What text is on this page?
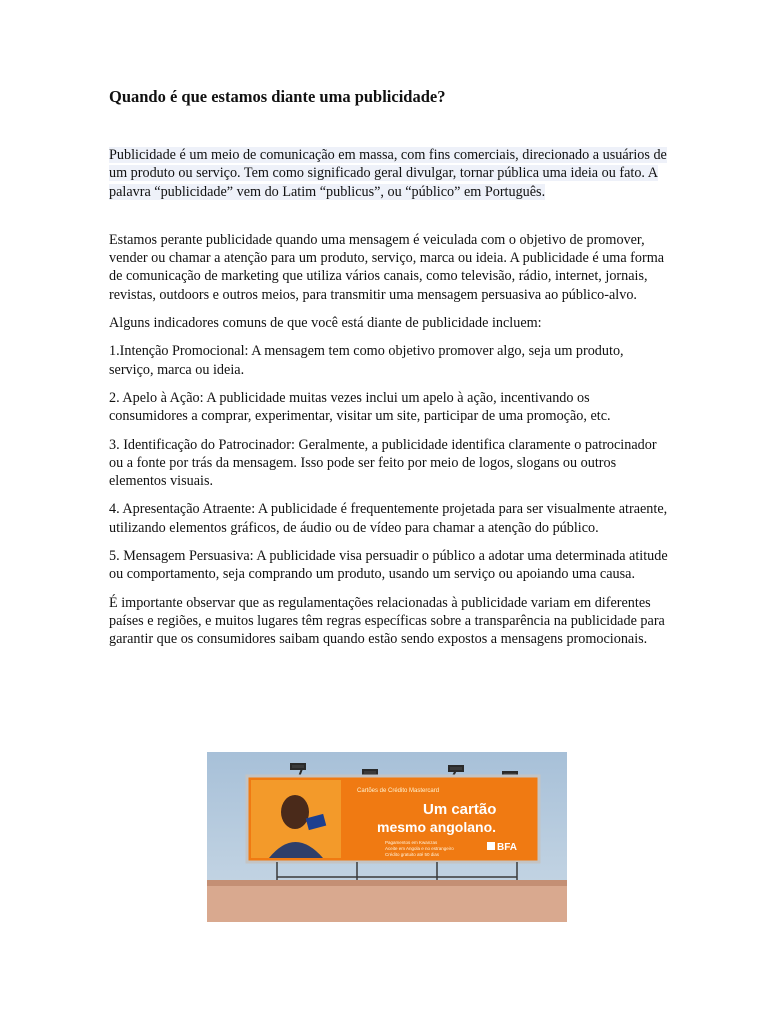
Quando é que estamos diante uma publicidade?

Publicidade é um meio de comunicação em massa, com fins comerciais, direcionado a usuários de um produto ou serviço. Tem como significado geral divulgar, tornar pública uma ideia ou fato. A palavra “publicidade” vem do Latim “publicus”, ou “público” em Português.

Estamos perante publicidade quando uma mensagem é veiculada com o objetivo de promover, vender ou chamar a atenção para um produto, serviço, marca ou ideia. A publicidade é uma forma de comunicação de marketing que utiliza vários canais, como televisão, rádio, internet, jornais, revistas, outdoors e outros meios, para transmitir uma mensagem persuasiva ao público-alvo.

Alguns indicadores comuns de que você está diante de publicidade incluem:

1.Intenção Promocional: A mensagem tem como objetivo promover algo, seja um produto, serviço, marca ou ideia.

2. Apelo à Ação: A publicidade muitas vezes inclui um apelo à ação, incentivando os consumidores a comprar, experimentar, visitar um site, participar de uma promoção, etc.

3. Identificação do Patrocinador: Geralmente, a publicidade identifica claramente o patrocinador ou a fonte por trás da mensagem. Isso pode ser feito por meio de logos, slogans ou outros elementos visuais.

4. Apresentação Atraente: A publicidade é frequentemente projetada para ser visualmente atraente, utilizando elementos gráficos, de áudio ou de vídeo para chamar a atenção do público.

5. Mensagem Persuasiva: A publicidade visa persuadir o público a adotar uma determinada atitude ou comportamento, seja comprando um produto, usando um serviço ou apoiando uma causa.

É importante observar que as regulamentações relacionadas à publicidade variam em diferentes países e regiões, e muitos lugares têm regras específicas sobre a transparência na publicidade para garantir que os consumidores saibam quando estão sendo expostos a mensagens promocionais.

Cartões de Crédito Mastercard
Um cartão
mesmo angolano.
Pagamentos em Kwanzas
Aceite em Angola e no estrangeiro
Crédito gratuito até 50 dias
BFA
